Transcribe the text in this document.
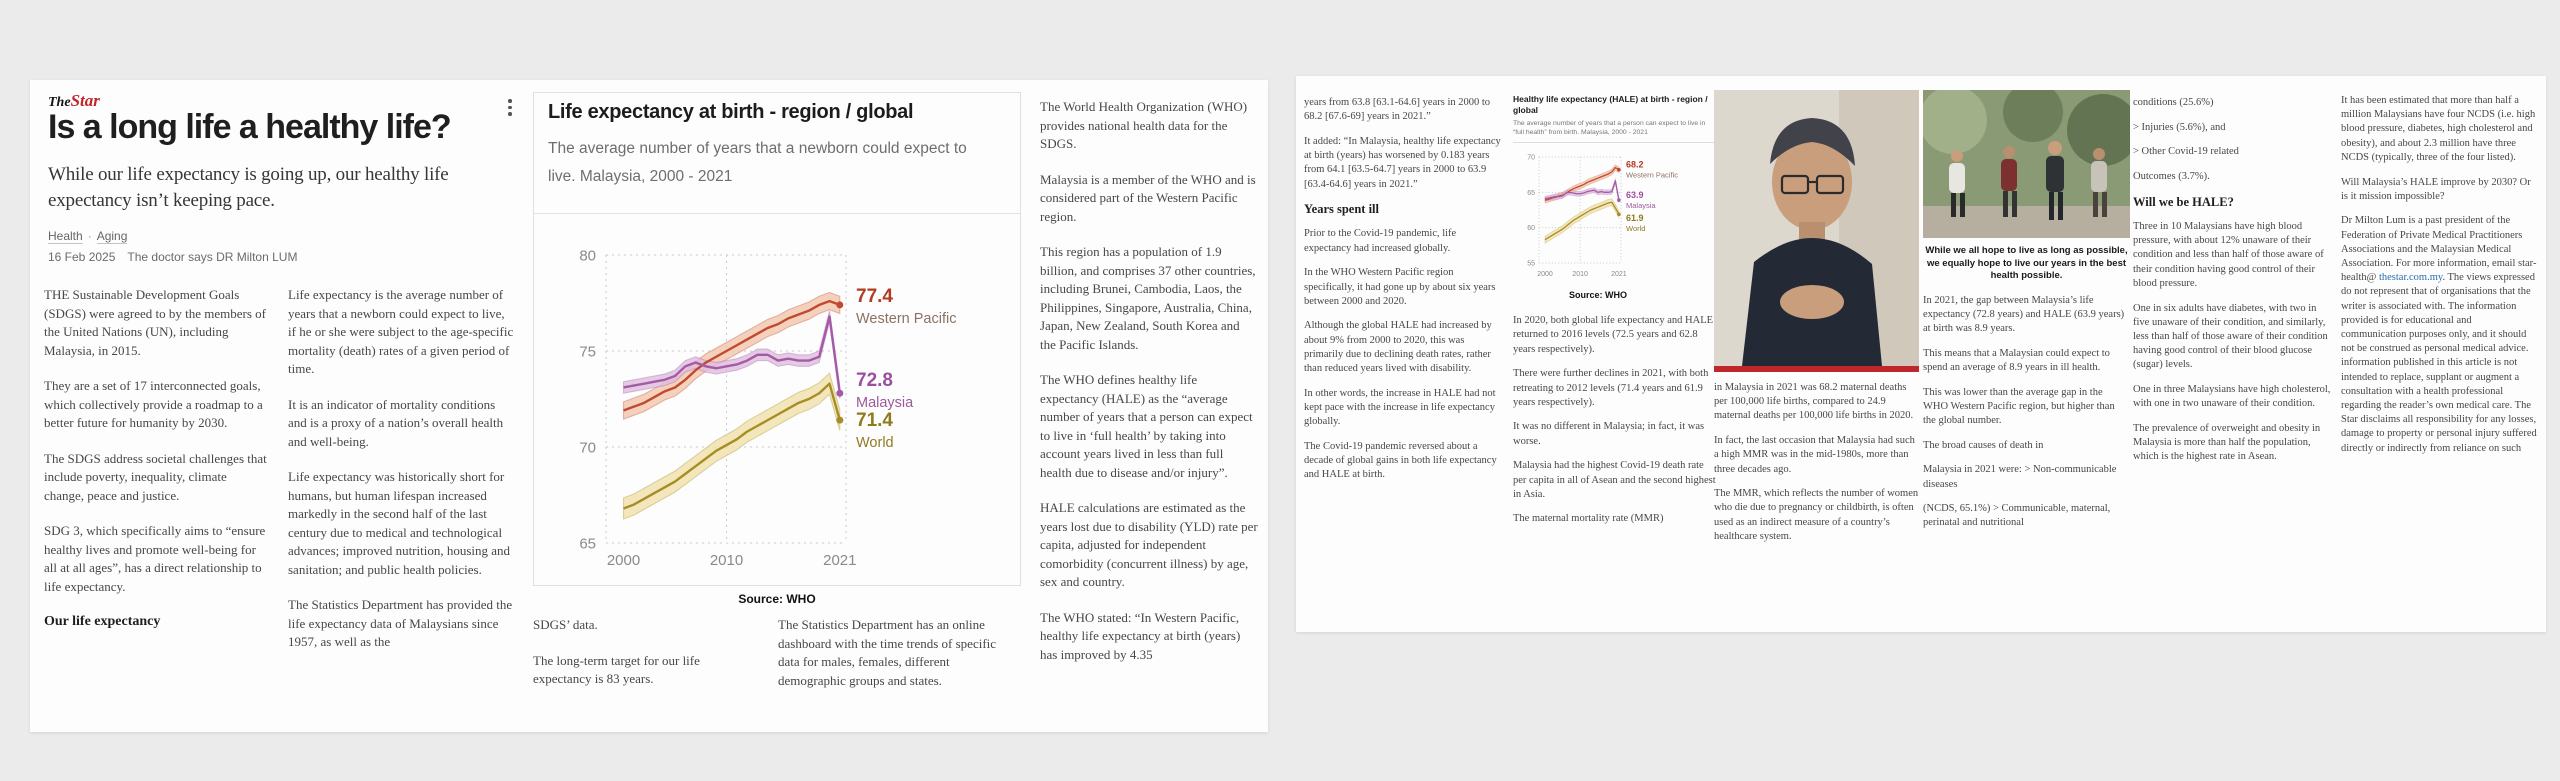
TheStar
Is a long life a healthy life?

While our life expectancy is going up, our healthy life expectancy isn’t keeping pace.

Health · Aging
16 Feb 2025 The doctor says DR Milton LUM

THE Sustainable Development Goals (SDGS) were agreed to by the members of the United Nations (UN), including Malaysia, in 2015.

They are a set of 17 interconnected goals, which collectively provide a roadmap to a better future for humanity by 2030.

The SDGS address societal challenges that include poverty, inequality, climate change, peace and justice.

SDG 3, which specifically aims to “ensure healthy lives and promote well-being for all at all ages”, has a direct relationship to life expectancy.

Our life expectancy

Life expectancy is the average number of years that a newborn could expect to live, if he or she were subject to the age-specific mortality (death) rates of a given period of time.

It is an indicator of mortality conditions and is a proxy of a nation’s overall health and well-being.

Life expectancy was historically short for humans, but human lifespan increased markedly in the second half of the last century due to medical and technological advances; improved nutrition, housing and sanitation; and public health policies.

The Statistics Department has provided the life expectancy data of Malaysians since 1957, as well as the

Life expectancy at birth - region / global
The average number of years that a newborn could expect to live. Malaysia, 2000 - 2021
65
70
75
80
2000	2010	2021
77.4
Western Pacific
72.8
Malaysia
71.4
World
Source: WHO

SDGS’ data.

The long-term target for our life expectancy is 83 years.

The Statistics Department has an online dashboard with the time trends of specific data for males, females, different demographic groups and states.

The World Health Organization (WHO) provides national health data for the SDGS.

Malaysia is a member of the WHO and is considered part of the Western Pacific region.

This region has a population of 1.9 billion, and comprises 37 other countries, including Brunei, Cambodia, Laos, the Philippines, Singapore, Australia, China, Japan, New Zealand, South Korea and the Pacific Islands.

The WHO defines healthy life expectancy (HALE) as the “average number of years that a person can expect to live in ‘full health’ by taking into account years lived in less than full health due to disease and/or injury”.

HALE calculations are estimated as the years lost due to disability (YLD) rate per capita, adjusted for independent comorbidity (concurrent illness) by age, sex and country.

The WHO stated: “In Western Pacific, healthy life expectancy at birth (years) has improved by 4.35

years from 63.8 [63.1-64.6] years in 2000 to 68.2 [67.6-69] years in 2021.”

It added: “In Malaysia, healthy life expectancy at birth (years) has worsened by 0.183 years from 64.1 [63.5-64.7] years in 2000 to 63.9 [63.4-64.6] years in 2021.”

Years spent ill

Prior to the Covid-19 pandemic, life expectancy had increased globally.

In the WHO Western Pacific region specifically, it had gone up by about six years between 2000 and 2020.

Although the global HALE had increased by about 9% from 2000 to 2020, this was primarily due to declining death rates, rather than reduced years lived with disability.

In other words, the increase in HALE had not kept pace with the increase in life expectancy globally.

The Covid-19 pandemic reversed about a decade of global gains in both life expectancy and HALE at birth.

Healthy life expectancy (HALE) at birth - region / global
The average number of years that a person can expect to live in “full health” from birth. Malaysia, 2000 - 2021
55
60
65
70
2000	2010	2021
68.2
Western Pacific
63.9
Malaysia
61.9
World
Source: WHO

In 2020, both global life expectancy and HALE returned to 2016 levels (72.5 years and 62.8 years respectively).

There were further declines in 2021, with both retreating to 2012 levels (71.4 years and 61.9 years respectively).

It was no different in Malaysia; in fact, it was worse.

Malaysia had the highest Covid-19 death rate per capita in all of Asean and the second highest in Asia.

The maternal mortality rate (MMR)

in Malaysia in 2021 was 68.2 maternal deaths per 100,000 life births, compared to 24.9 maternal deaths per 100,000 life births in 2020.

In fact, the last occasion that Malaysia had such a high MMR was in the mid-1980s, more than three decades ago.

The MMR, which reflects the number of women who die due to pregnancy or childbirth, is often used as an indirect measure of a country’s healthcare system.

While we all hope to live as long as possible, we equally hope to live our years in the best health possible.

In 2021, the gap between Malaysia’s life expectancy (72.8 years) and HALE (63.9 years) at birth was 8.9 years.

This means that a Malaysian could expect to spend an average of 8.9 years in ill health.

This was lower than the average gap in the WHO Western Pacific region, but higher than the global number.

The broad causes of death in

Malaysia in 2021 were: > Non-communicable diseases

(NCDS, 65.1%) > Communicable, maternal, perinatal and nutritional

conditions (25.6%)

> Injuries (5.6%), and

> Other Covid-19 related

Outcomes (3.7%).

Will we be HALE?

Three in 10 Malaysians have high blood pressure, with about 12% unaware of their condition and less than half of those aware of their condition having good control of their blood pressure.

One in six adults have diabetes, with two in five unaware of their condition, and similarly, less than half of those aware of their condition having good control of their blood glucose (sugar) levels.

One in three Malaysians have high cholesterol, with one in two unaware of their condition.

The prevalence of overweight and obesity in Malaysia is more than half the population, which is the highest rate in Asean.

It has been estimated that more than half a million Malaysians have four NCDS (i.e. high blood pressure, diabetes, high cholesterol and obesity), and about 2.3 million have three NCDS (typically, three of the four listed).

Will Malaysia’s HALE improve by 2030? Or is it mission impossible?

Dr Milton Lum is a past president of the Federation of Private Medical Practitioners Associations and the Malaysian Medical Association. For more information, email star-health@ thestar.com.my. The views expressed do not represent that of organisations that the writer is associated with. The information provided is for educational and communication purposes only, and it should not be construed as personal medical advice. information published in this article is not intended to replace, supplant or augment a consultation with a health professional regarding the reader’s own medical care. The Star disclaims all responsibility for any losses, damage to property or personal injury suffered directly or indirectly from reliance on such
